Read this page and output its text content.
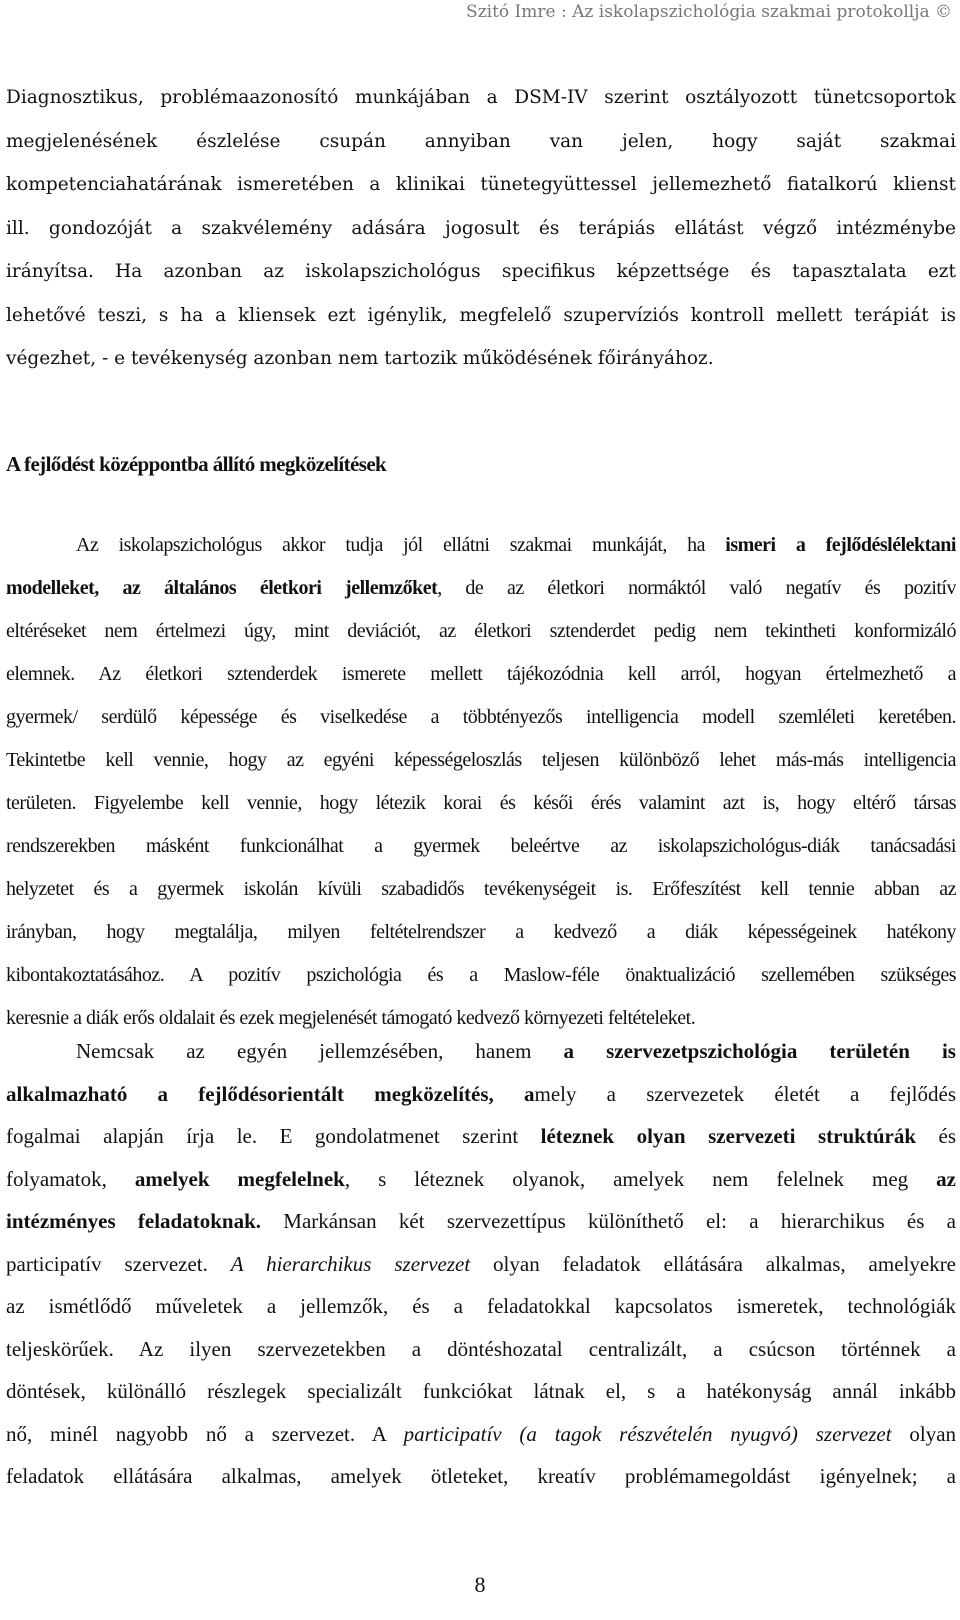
Szitó Imre : Az iskolapszichológia szakmai protokollja ©
Diagnosztikus, problémaazonosító munkájában a DSM-IV szerint osztályozott tünetcsoportok
megjelenésének észlelése csupán annyiban van jelen, hogy saját szakmai
kompetenciahatárának ismeretében a klinikai tünetegyüttessel jellemezhető fiatalkorú klienst
ill. gondozóját a szakvélemény adására jogosult és terápiás ellátást végző intézménybe
irányítsa. Ha azonban az iskolapszichológus specifikus képzettsége és tapasztalata ezt
lehetővé teszi, s ha a kliensek ezt igénylik, megfelelő szupervíziós kontroll mellett terápiát is
végezhet, - e tevékenység azonban nem tartozik működésének főirányához.
A fejlődést középpontba állító megközelítések
Az iskolapszichológus akkor tudja jól ellátni szakmai munkáját, ha ismeri a fejlődéslélektani
modelleket, az általános életkori jellemzőket, de az életkori normáktól való negatív és pozitív
eltéréseket nem értelmezi úgy, mint deviációt, az életkori sztenderdet pedig nem tekintheti konformizáló
elemnek. Az életkori sztenderdek ismerete mellett tájékozódnia kell arról, hogyan értelmezhető a
gyermek/ serdülő képessége és viselkedése a többtényezős intelligencia modell szemléleti keretében.
Tekintetbe kell vennie, hogy az egyéni képességeloszlás teljesen különböző lehet más-más intelligencia
területen. Figyelembe kell vennie, hogy létezik korai és késői érés valamint azt is, hogy eltérő társas
rendszerekben másként funkcionálhat a gyermek beleértve az iskolapszichológus-diák tanácsadási
helyzetet és a gyermek iskolán kívüli szabadidős tevékenységeit is. Erőfeszítést kell tennie abban az
irányban, hogy megtalálja, milyen feltételrendszer a kedvező a diák képességeinek hatékony
kibontakoztatásához. A pozitív pszichológia és a Maslow-féle önaktualizáció szellemében szükséges
keresnie a diák erős oldalait és ezek megjelenését támogató kedvező környezeti feltételeket.
Nemcsak az egyén jellemzésében, hanem a szervezetpszichológia területén is
alkalmazható a fejlődésorientált megközelítés, amely a szervezetek életét a fejlődés
fogalmai alapján írja le. E gondolatmenet szerint léteznek olyan szervezeti struktúrák és
folyamatok, amelyek megfelelnek, s léteznek olyanok, amelyek nem felelnek meg az
intézményes feladatoknak. Markánsan két szervezettípus különíthető el: a hierarchikus és a
participatív szervezet. A hierarchikus szervezet olyan feladatok ellátására alkalmas, amelyekre
az ismétlődő műveletek a jellemzők, és a feladatokkal kapcsolatos ismeretek, technológiák
teljeskörűek. Az ilyen szervezetekben a döntéshozatal centralizált, a csúcson történnek a
döntések, különálló részlegek specializált funkciókat látnak el, s a hatékonyság annál inkább
nő, minél nagyobb nő a szervezet. A participatív (a tagok részvételén nyugvó) szervezet olyan
feladatok ellátására alkalmas, amelyek ötleteket, kreatív problémamegoldást igényelnek; a
8
